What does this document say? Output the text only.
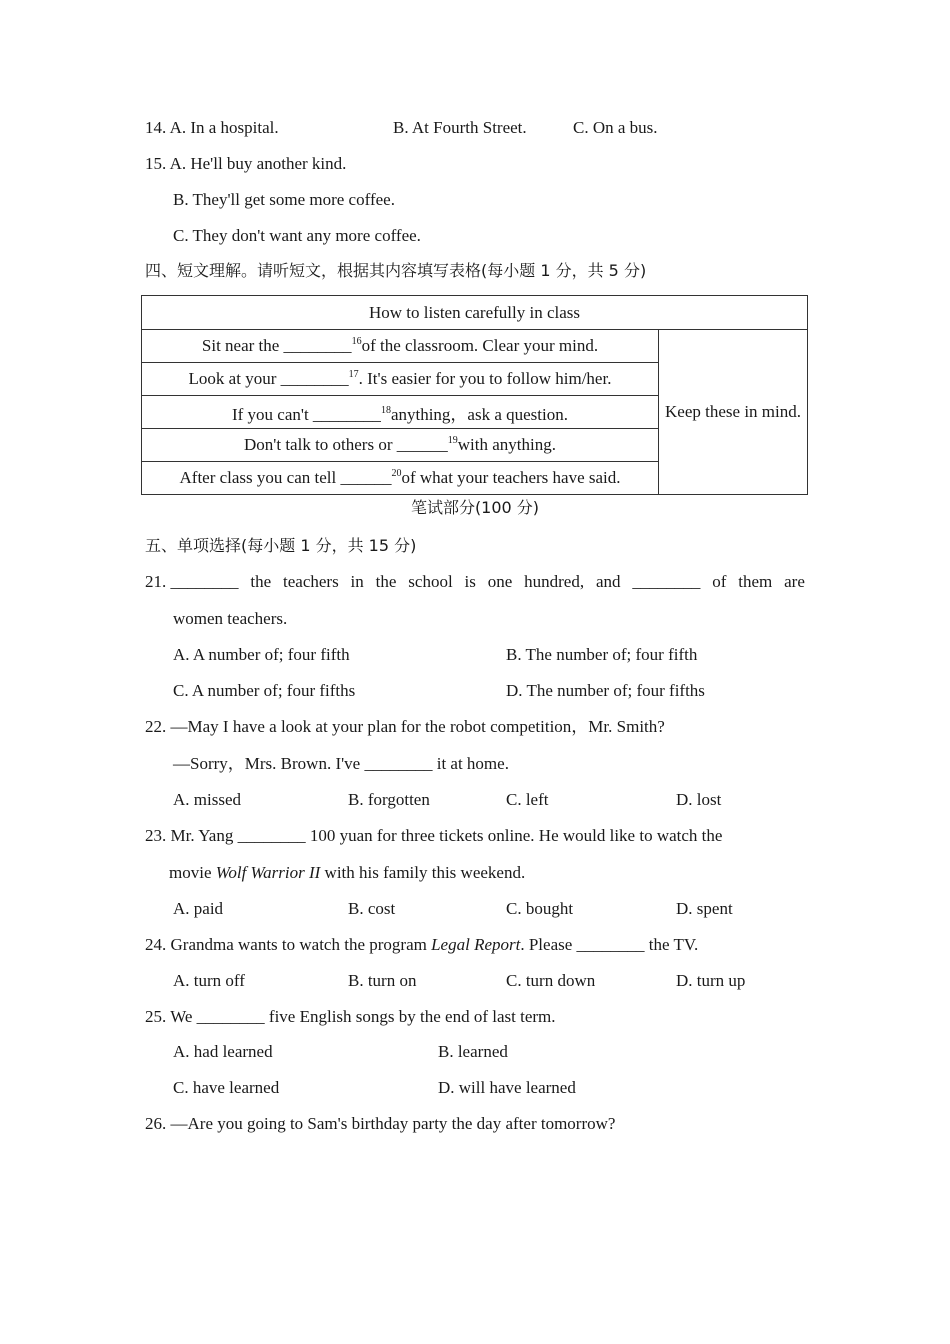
14. A. In a hospital.	B. At Fourth Street.	C. On a bus.
15. A. He'll buy another kind.
B. They'll get some more coffee.
C. They don't want any more coffee.
四、短文理解。请听短文，根据其内容填写表格(每小题 1 分，共 5 分)
How to listen carefully in class
Sit near the ________$^{16}$of the classroom. Clear your mind.	Keep these in mind.
Look at your ________$^{17}$. It's easier for you to follow him/her.
If you can't ________$^{18}$anything，ask a question.
Don't talk to others or ______$^{19}$with anything.
After class you can tell ______$^{20}$of what your teachers have said.
笔试部分(100 分)
五、单项选择(每小题 1 分，共 15 分)
21. ________ the teachers in the school is one hundred, and ________ of them are
women teachers.
A. A number of; four fifth	B. The number of; four fifth
C. A number of; four fifths	D. The number of; four fifths
22. —May I have a look at your plan for the robot competition，Mr. Smith?
—Sorry，Mrs. Brown. I've ________ it at home.
A. missed	B. forgotten	C. left	D. lost
23. Mr. Yang ________ 100 yuan for three tickets online. He would like to watch the
movie Wolf Warrior II with his family this weekend.
A. paid	B. cost	C. bought	D. spent
24. Grandma wants to watch the program Legal Report. Please ________ the TV.
A. turn off	B. turn on	C. turn down	D. turn up
25. We ________ five English songs by the end of last term.
A. had learned	B. learned
C. have learned	D. will have learned
26. —Are you going to Sam's birthday party the day after tomorrow?
